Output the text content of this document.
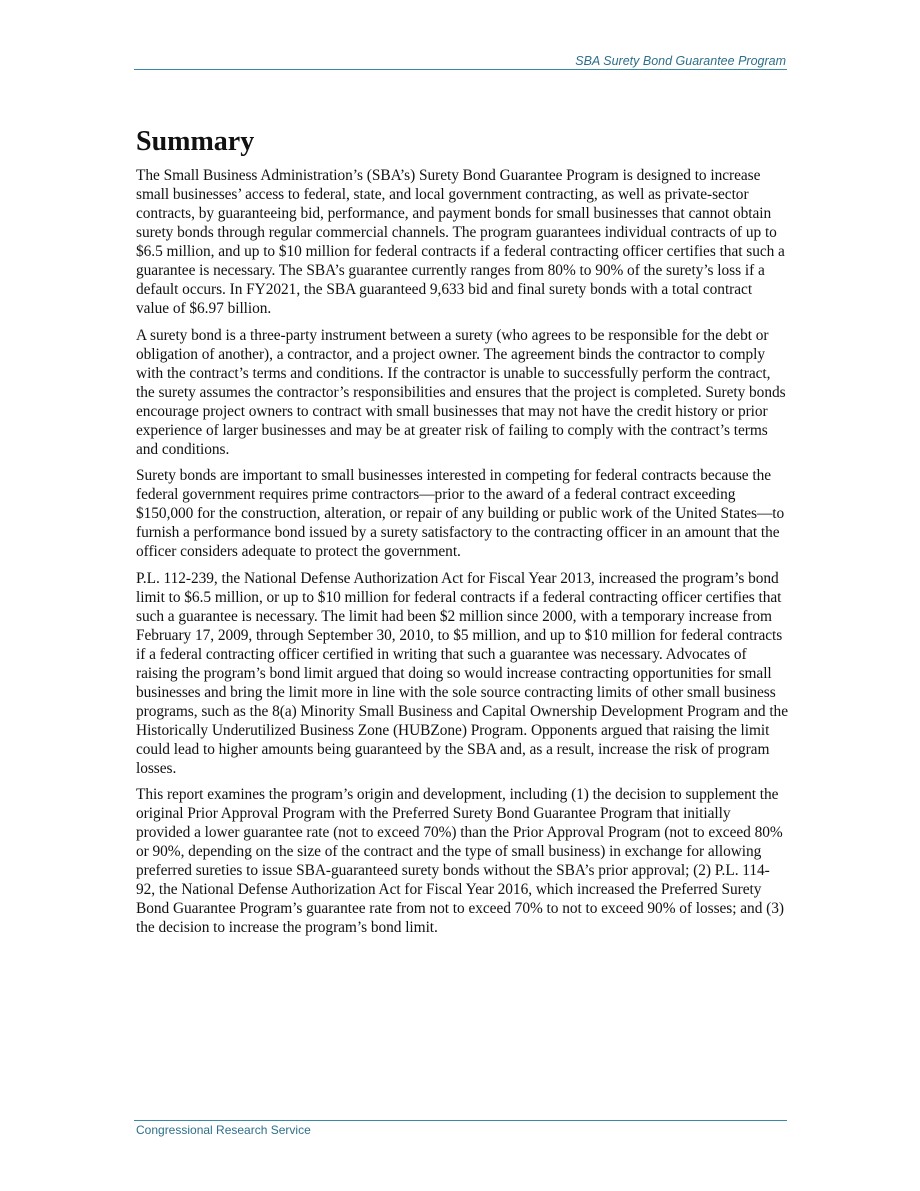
SBA Surety Bond Guarantee Program
Summary

The Small Business Administration’s (SBA’s) Surety Bond Guarantee Program is designed to increase small businesses’ access to federal, state, and local government contracting, as well as private-sector contracts, by guaranteeing bid, performance, and payment bonds for small businesses that cannot obtain surety bonds through regular commercial channels. The program guarantees individual contracts of up to $6.5 million, and up to $10 million for federal contracts if a federal contracting officer certifies that such a guarantee is necessary. The SBA’s guarantee currently ranges from 80% to 90% of the surety’s loss if a default occurs. In FY2021, the SBA guaranteed 9,633 bid and final surety bonds with a total contract value of $6.97 billion.

A surety bond is a three-party instrument between a surety (who agrees to be responsible for the debt or obligation of another), a contractor, and a project owner. The agreement binds the contractor to comply with the contract’s terms and conditions. If the contractor is unable to successfully perform the contract, the surety assumes the contractor’s responsibilities and ensures that the project is completed. Surety bonds encourage project owners to contract with small businesses that may not have the credit history or prior experience of larger businesses and may be at greater risk of failing to comply with the contract’s terms and conditions.

Surety bonds are important to small businesses interested in competing for federal contracts because the federal government requires prime contractors—prior to the award of a federal contract exceeding $150,000 for the construction, alteration, or repair of any building or public work of the United States—to furnish a performance bond issued by a surety satisfactory to the contracting officer in an amount that the officer considers adequate to protect the government.

P.L. 112-239, the National Defense Authorization Act for Fiscal Year 2013, increased the program’s bond limit to $6.5 million, or up to $10 million for federal contracts if a federal contracting officer certifies that such a guarantee is necessary. The limit had been $2 million since 2000, with a temporary increase from February 17, 2009, through September 30, 2010, to $5 million, and up to $10 million for federal contracts if a federal contracting officer certified in writing that such a guarantee was necessary. Advocates of raising the program’s bond limit argued that doing so would increase contracting opportunities for small businesses and bring the limit more in line with the sole source contracting limits of other small business programs, such as the 8(a) Minority Small Business and Capital Ownership Development Program and the Historically Underutilized Business Zone (HUBZone) Program. Opponents argued that raising the limit could lead to higher amounts being guaranteed by the SBA and, as a result, increase the risk of program losses.

This report examines the program’s origin and development, including (1) the decision to supplement the original Prior Approval Program with the Preferred Surety Bond Guarantee Program that initially provided a lower guarantee rate (not to exceed 70%) than the Prior Approval Program (not to exceed 80% or 90%, depending on the size of the contract and the type of small business) in exchange for allowing preferred sureties to issue SBA-guaranteed surety bonds without the SBA’s prior approval; (2) P.L. 114-92, the National Defense Authorization Act for Fiscal Year 2016, which increased the Preferred Surety Bond Guarantee Program’s guarantee rate from not to exceed 70% to not to exceed 90% of losses; and (3) the decision to increase the program’s bond limit.

Congressional Research Service
